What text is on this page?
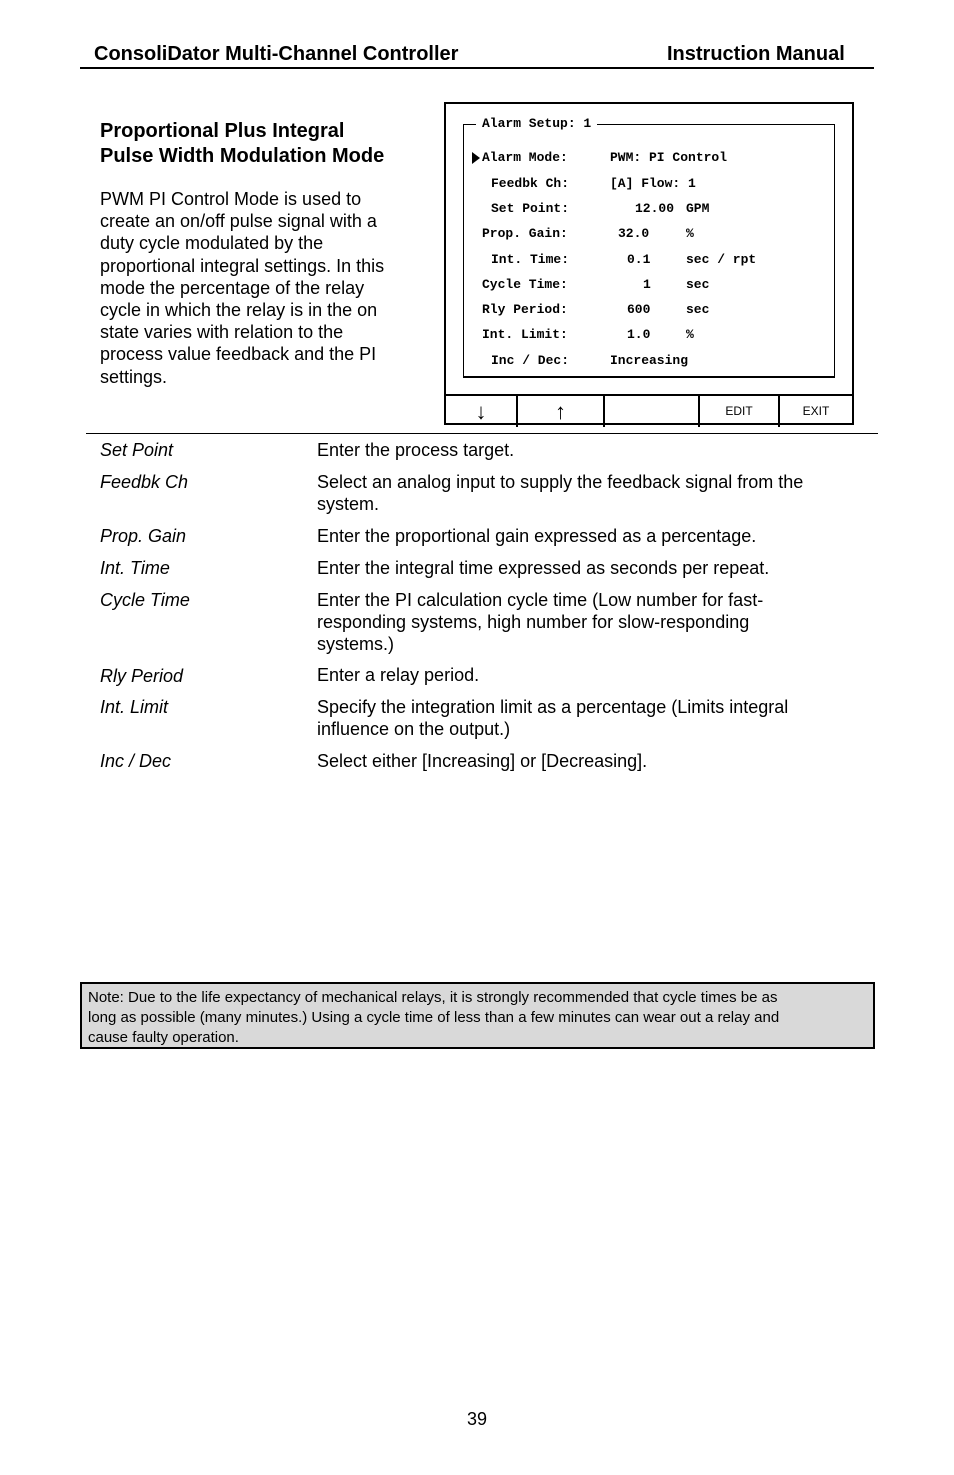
ConsoliDator Multi-Channel Controller	Instruction Manual
Proportional Plus Integral
Pulse Width Modulation Mode
PWM PI Control Mode is used to
create an on/off pulse signal with a
duty cycle modulated by the
proportional integral settings. In this
mode the percentage of the relay
cycle in which the relay is in the on
state varies with relation to the
process value feedback and the PI
settings.
Alarm Setup: 1
Alarm Mode:	PWM: PI Control
Feedbk Ch:	[A] Flow: 1
Set Point:	12.00 GPM
Prop. Gain:	32.0	%
Int. Time:	0.1	sec / rpt
Cycle Time:	1	sec
Rly Period:	600	sec
Int. Limit:	1.0	%
Inc / Dec:	Increasing
↓	↑	EDIT	EXIT
Set Point	Enter the process target.
Feedbk Ch	Select an analog input to supply the feedback signal from the
system.
Prop. Gain	Enter the proportional gain expressed as a percentage.
Int. Time	Enter the integral time expressed as seconds per repeat.
Cycle Time	Enter the PI calculation cycle time (Low number for fast-
responding systems, high number for slow-responding
systems.)
Rly Period	Enter a relay period.
Int. Limit	Specify the integration limit as a percentage (Limits integral
influence on the output.)
Inc / Dec	Select either [Increasing] or [Decreasing].
Note: Due to the life expectancy of mechanical relays, it is strongly recommended that cycle times be as
long as possible (many minutes.) Using a cycle time of less than a few minutes can wear out a relay and
cause faulty operation.
39
